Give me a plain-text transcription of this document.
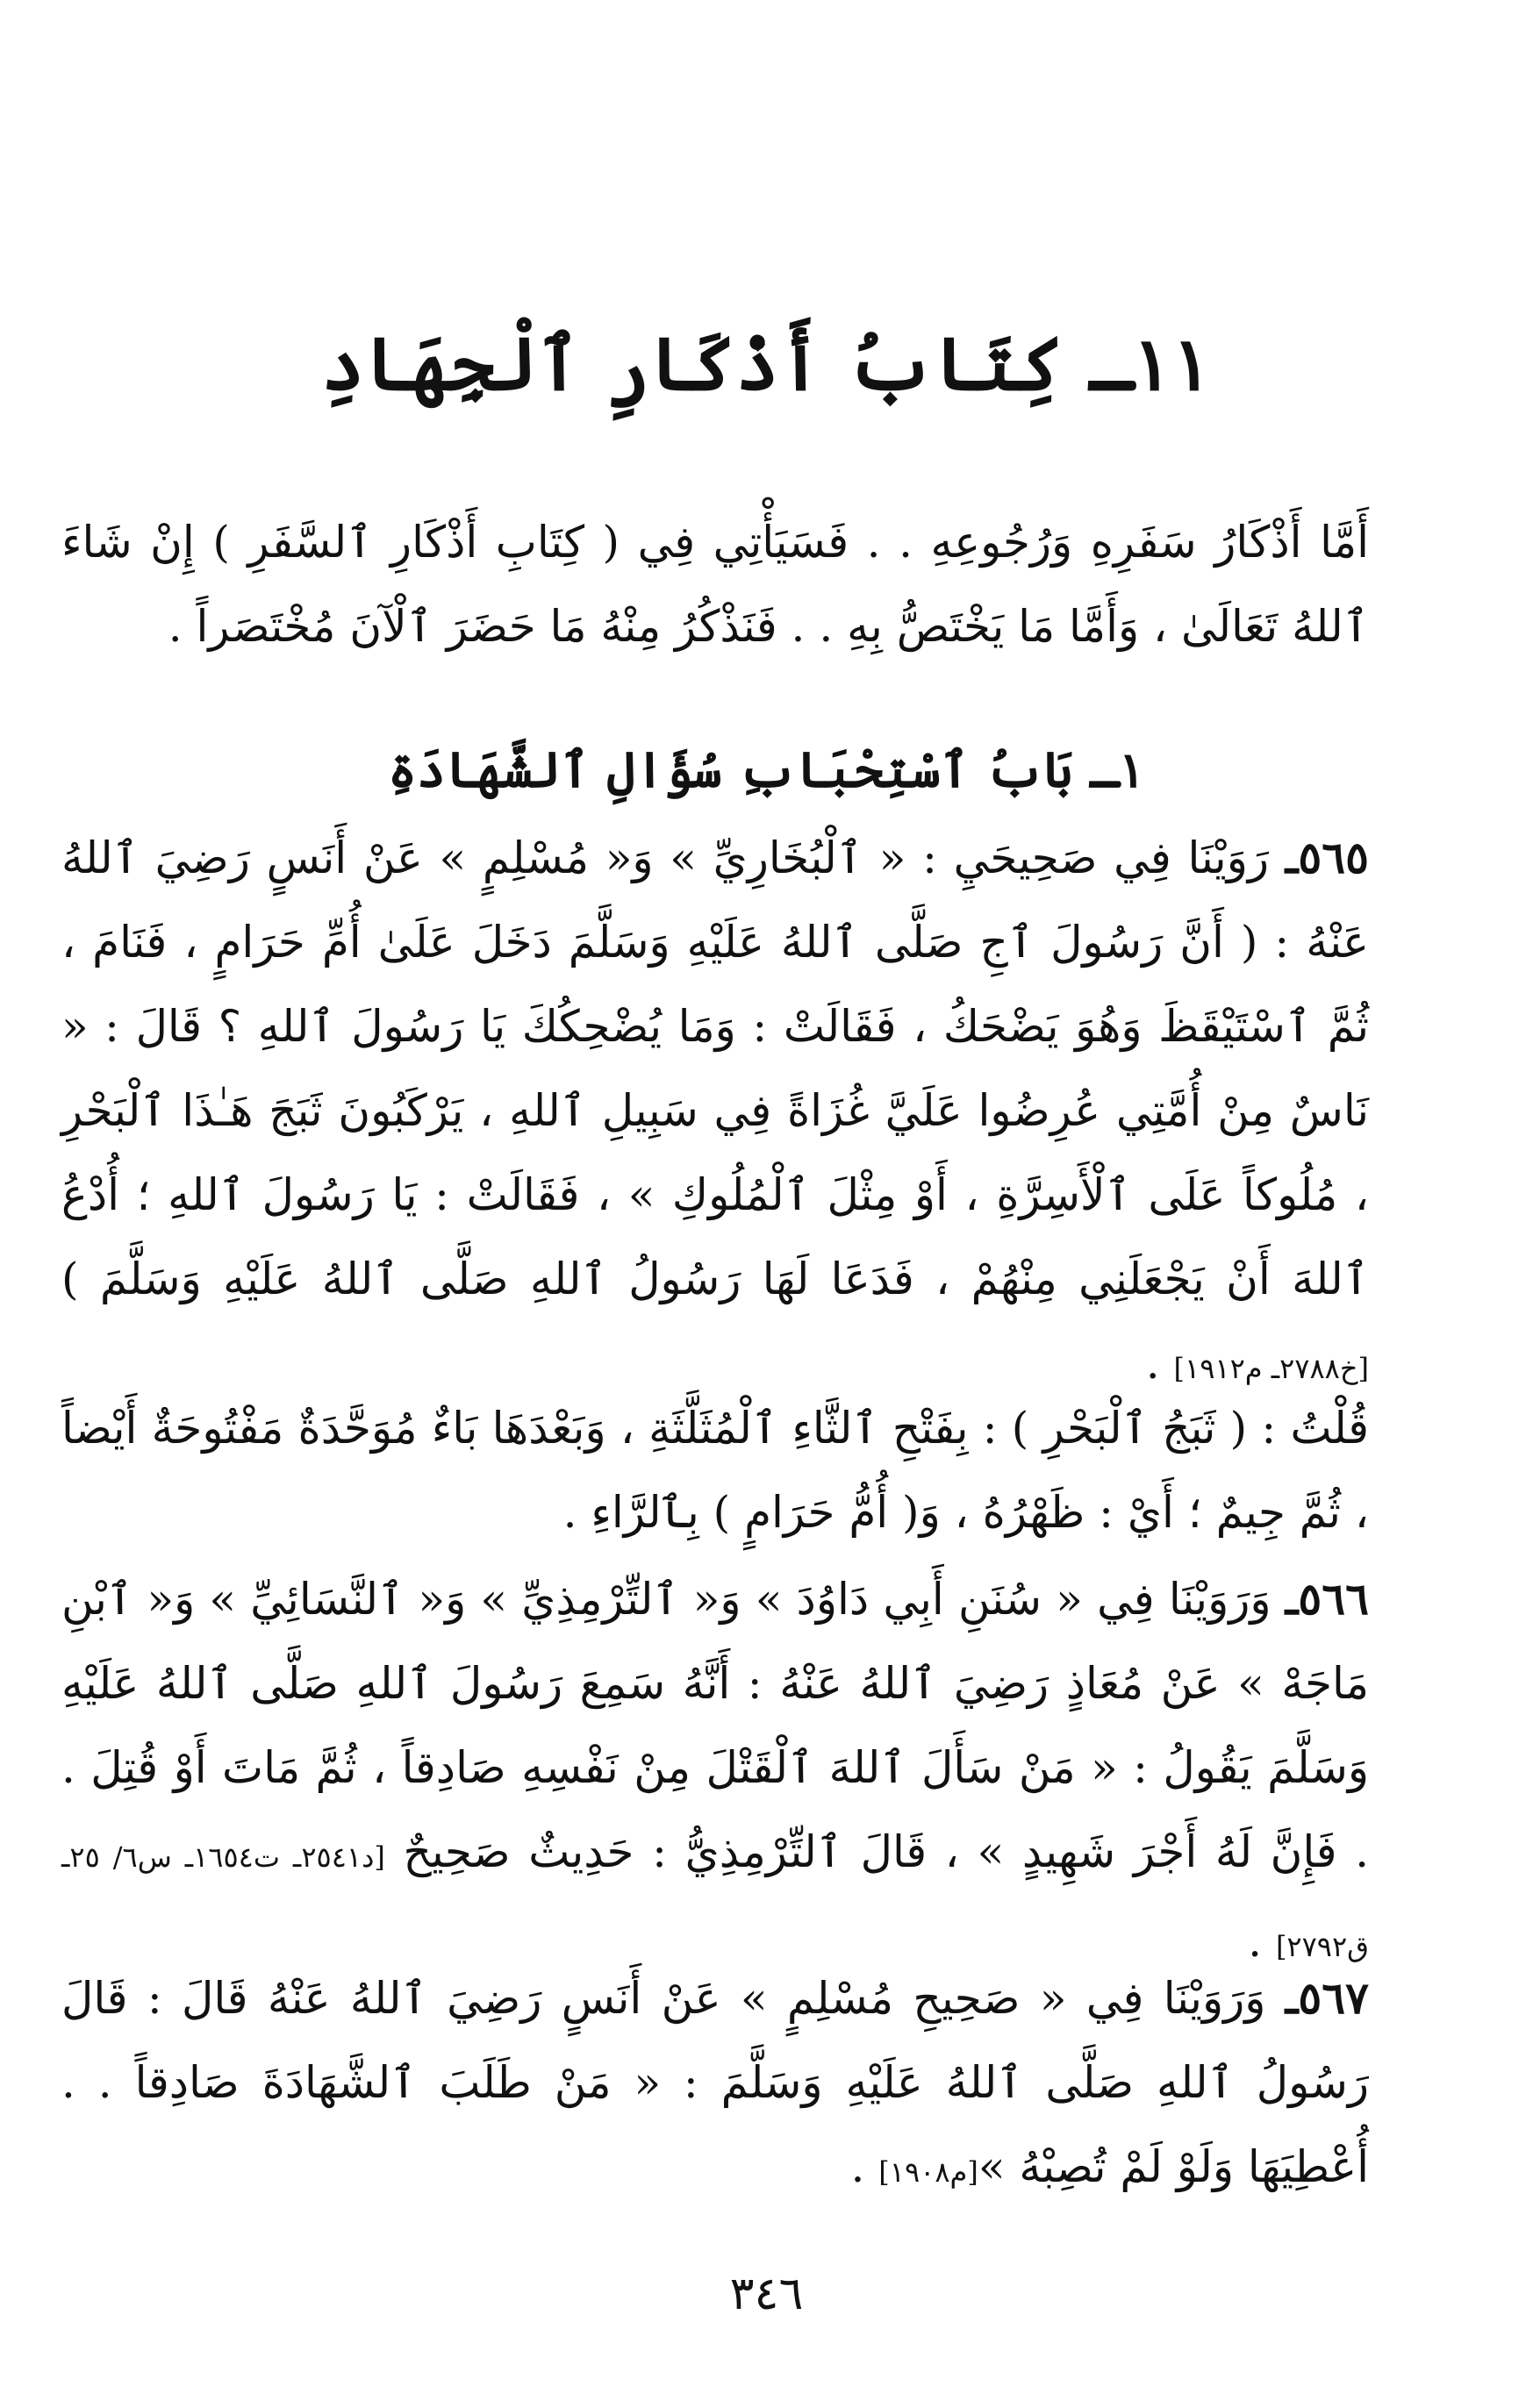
١١ـ كِتَابُ أَذْكَارِ ٱلْجِهَادِ
أَمَّا أَذْكَارُ سَفَرِهِ وَرُجُوعِهِ . . فَسَيَأْتِي فِي ( كِتَابِ أَذْكَارِ ٱلسَّفَرِ ) إِنْ شَاءَ ٱللهُ تَعَالَىٰ ، وَأَمَّا مَا يَخْتَصُّ بِهِ . . فَنَذْكُرُ مِنْهُ مَا حَضَرَ ٱلْآنَ مُخْتَصَراً .
١ـ بَابُ ٱسْتِحْبَابِ سُؤَالِ ٱلشَّهَادَةِ
٥٦٥ـ رَوَيْنَا فِي صَحِيحَيِ : « ٱلْبُخَارِيِّ » وَ« مُسْلِمٍ » عَنْ أَنَسٍ رَضِيَ ٱللهُ عَنْهُ : ( أَنَّ رَسُولَ ٱجِ صَلَّى ٱللهُ عَلَيْهِ وَسَلَّمَ دَخَلَ عَلَىٰ أُمِّ حَرَامٍ ، فَنَامَ ، ثُمَّ ٱسْتَيْقَظَ وَهُوَ يَضْحَكُ ، فَقَالَتْ : وَمَا يُضْحِكُكَ يَا رَسُولَ ٱللهِ ؟ قَالَ : « نَاسٌ مِنْ أُمَّتِي عُرِضُوا عَلَيَّ غُزَاةً فِي سَبِيلِ ٱللهِ ، يَرْكَبُونَ ثَبَجَ هَـٰذَا ٱلْبَحْرِ ، مُلُوكاً عَلَى ٱلْأَسِرَّةِ ، أَوْ مِثْلَ ٱلْمُلُوكِ » ، فَقَالَتْ : يَا رَسُولَ ٱللهِ ؛ أُدْعُ ٱللهَ أَنْ يَجْعَلَنِي مِنْهُمْ ، فَدَعَا لَهَا رَسُولُ ٱللهِ صَلَّى ٱللهُ عَلَيْهِ وَسَلَّمَ )[خ٢٧٨٨ـ م١٩١٢] .
قُلْتُ : ( ثَبَجُ ٱلْبَحْرِ ) : بِفَتْحِ ٱلثَّاءِ ٱلْمُثَلَّثَةِ ، وَبَعْدَهَا بَاءٌ مُوَحَّدَةٌ مَفْتُوحَةٌ أَيْضاً ، ثُمَّ جِيمٌ ؛ أَيْ : ظَهْرُهُ ، وَ( أُمُّ حَرَامٍ ) بِٱلرَّاءِ .
٥٦٦ـ وَرَوَيْنَا فِي « سُنَنِ أَبِي دَاوُدَ » وَ« ٱلتِّرْمِذِيِّ » وَ« ٱلنَّسَائِيِّ » وَ« ٱبْنِ مَاجَهْ » عَنْ مُعَاذٍ رَضِيَ ٱللهُ عَنْهُ : أَنَّهُ سَمِعَ رَسُولَ ٱللهِ صَلَّى ٱللهُ عَلَيْهِ وَسَلَّمَ يَقُولُ : « مَنْ سَأَلَ ٱللهَ ٱلْقَتْلَ مِنْ نَفْسِهِ صَادِقاً ، ثُمَّ مَاتَ أَوْ قُتِلَ . . فَإِنَّ لَهُ أَجْرَ شَهِيدٍ » ، قَالَ ٱلتِّرْمِذِيُّ : حَدِيثٌ صَحِيحٌ [د٢٥٤١ـ ت١٦٥٤ـ س٦/ ٢٥ـ ق٢٧٩٢] .
٥٦٧ـ وَرَوَيْنَا فِي « صَحِيحِ مُسْلِمٍ » عَنْ أَنَسٍ رَضِيَ ٱللهُ عَنْهُ قَالَ : قَالَ رَسُولُ ٱللهِ صَلَّى ٱللهُ عَلَيْهِ وَسَلَّمَ : « مَنْ طَلَبَ ٱلشَّهَادَةَ صَادِقاً . . أُعْطِيَهَا وَلَوْ لَمْ تُصِبْهُ »[م١٩٠٨] .
٣٤٦
